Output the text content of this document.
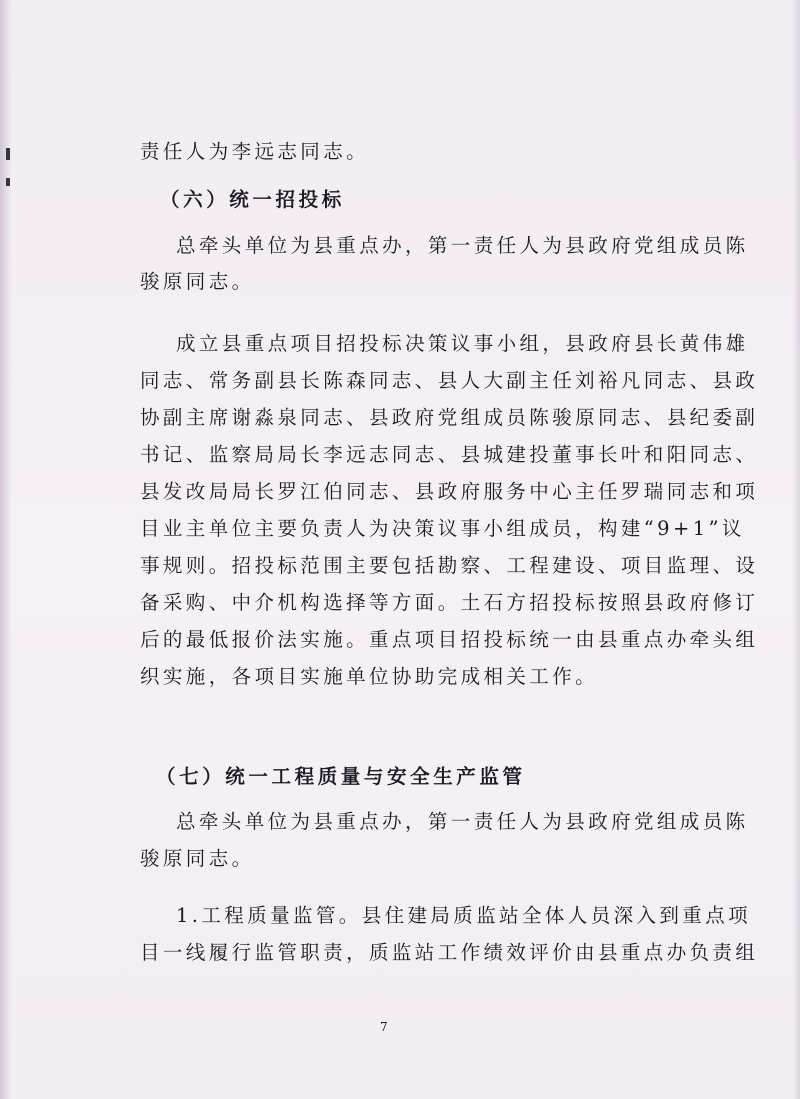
责任人为李远志同志。
（六）统一招投标
总牵头单位为县重点办，第一责任人为县政府党组成员陈
骏原同志。
成立县重点项目招投标决策议事小组，县政府县长黄伟雄
同志、常务副县长陈森同志、县人大副主任刘裕凡同志、县政
协副主席谢淼泉同志、县政府党组成员陈骏原同志、县纪委副
书记、监察局局长李远志同志、县城建投董事长叶和阳同志、
县发改局局长罗江伯同志、县政府服务中心主任罗瑞同志和项
目业主单位主要负责人为决策议事小组成员，构建“9+1”议
事规则。招投标范围主要包括勘察、工程建设、项目监理、设
备采购、中介机构选择等方面。土石方招投标按照县政府修订
后的最低报价法实施。重点项目招投标统一由县重点办牵头组
织实施，各项目实施单位协助完成相关工作。
（七）统一工程质量与安全生产监管
总牵头单位为县重点办，第一责任人为县政府党组成员陈
骏原同志。
1.工程质量监管。县住建局质监站全体人员深入到重点项
目一线履行监管职责，质监站工作绩效评价由县重点办负责组
7
